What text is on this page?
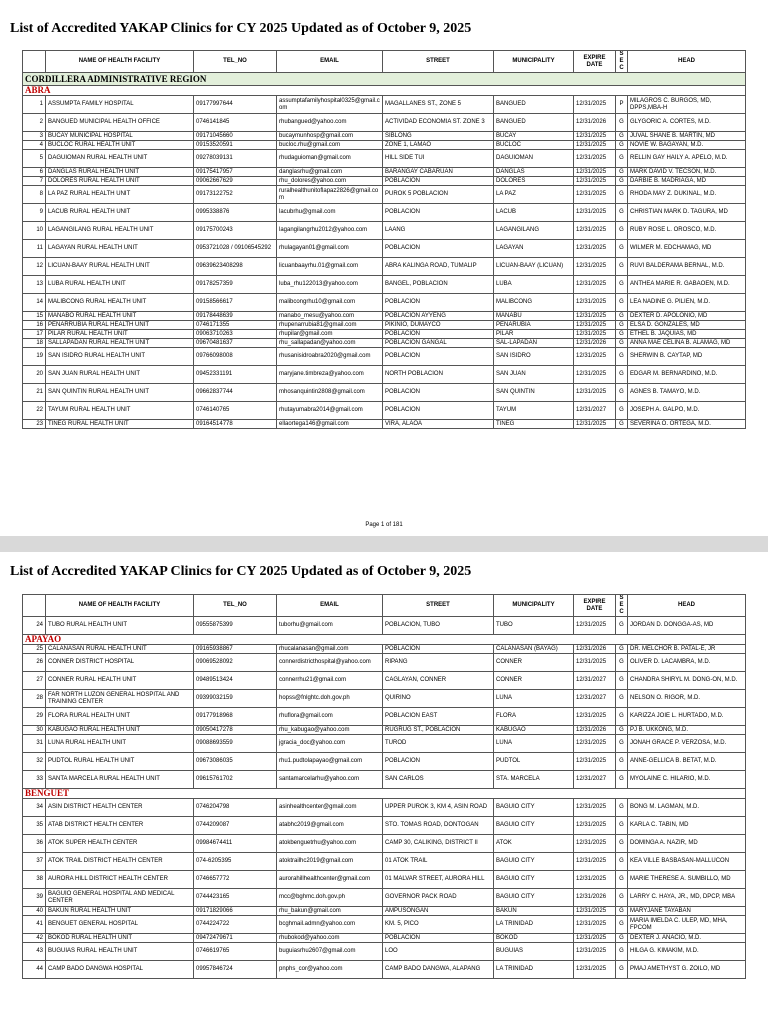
List of Accredited YAKAP Clinics for CY 2025 Updated as of October 9, 2025
	NAME OF HEALTH FACILITY	TEL_NO	EMAIL	STREET	MUNICIPALITY	EXPIRE DATE	SEC	HEAD
CORDILLERA ADMINISTRATIVE REGION								
ABRA								
1	ASSUMPTA FAMILY HOSPITAL	09177997644	assumptafamilyhospital0325@gmail.com	MAGALLANES ST., ZONE 5	BANGUED	12/31/2025	P	MILAGROS C. BURGOS, MD, DPPS,MBA-H
2	BANGUED MUNICIPAL HEALTH OFFICE	0746141845	rhubangued@yahoo.com	ACTIVIDAD ECONOMIA ST. ZONE 3	BANGUED	12/31/2026	G	GLYGORIC A. CORTES, M.D.
3	BUCAY MUNICIPAL HOSPITAL	09171045660	bucaymunhosp@gmail.com	SIBLONG	BUCAY	12/31/2025	G	JUVAL SHANE B. MARTIN, MD
4	BUCLOC RURAL HEALTH UNIT	09153520591	bucloc.rhu@gmail.com	ZONE 1, LAMAO	BUCLOC	12/31/2025	G	NOVIE W. BAGAYAN, M.D.
5	DAGUIOMAN RURAL HEALTH UNIT	09278039131	rhudaguioman@gmail.com	HILL SIDE TUI	DAGUIOMAN	12/31/2025	G	RELLIN GAY HAILY A. APELO, M.D.
6	DANGLAS RURAL HEALTH UNIT	09175417957	danglasrhu@gmail.com	BARANGAY CABARUAN	DANGLAS	12/31/2025	G	MARK DAVID V. TECSON, M.D.
7	DOLORES RURAL HEALTH UNIT	09062667629	rhu_dolores@yahoo.com	POBLACION	DOLORES	12/31/2025	G	DARBIE B. MADRIAGA, MD
8	LA PAZ RURAL HEALTH UNIT	09173122752	ruralhealthunitoflapaz2826@gmail.com	PUROK 5 POBLACION	LA PAZ	12/31/2025	G	RHODA MAY Z. DUKINAL, M.D.
9	LACUB RURAL HEALTH UNIT	0995338876	lacubrhu@gmail.com	POBLACION	LACUB	12/31/2025	G	CHRISTIAN MARK D. TAGURA, MD
10	LAGANGILANG RURAL HEALTH UNIT	09175700243	lagangilangrhu2012@yahoo.com	LAANG	LAGANGILANG	12/31/2025	G	RUBY ROSE L. OROSCO, M.D.
11	LAGAYAN RURAL HEALTH UNIT	0953721028 / 09106545292	rhulagayan01@gmail.com	POBLACION	LAGAYAN	12/31/2025	G	WILMER M. EDCHAMAG, MD
12	LICUAN-BAAY RURAL HEALTH UNIT	09639623408298	licuanbaayrhu.01@gmail.com	ABRA KALINGA ROAD, TUMALIP	LICUAN-BAAY (LICUAN)	12/31/2025	G	RUVI BALDERAMA BERNAL, M.D.
13	LUBA RURAL HEALTH UNIT	09178257359	luba_rhu122013@yahoo.com	BANGEL, POBLACION	LUBA	12/31/2025	G	ANTHEA MARIE R. GABAOEN, M.D.
14	MALIBCONG RURAL HEALTH UNIT	09158566617	malibcongrhu10@gmail.com	POBLACION	MALIBCONG	12/31/2025	G	LEA NADINE G. PILIEN, M.D.
15	MANABO RURAL HEALTH UNIT	09178448639	manabo_mesu@yahoo.com	POBLACION AYYENG	MANABU	12/31/2025	G	DEXTER D. APOLONIO, MD
16	PEÑARRUBIA RURAL HEALTH UNIT	0746171355	rhupenarrubia81@gmail.com	PIKINIO, DUMAYCO	PENARUBIA	12/31/2025	G	ELSA D. GONZALES, MD
17	PILAR RURAL HEALTH UNIT	09063710263	rhupilar@gmail.com	POBLACION	PILAR	12/31/2025	G	ETHEL B. JAQUIAS, MD
18	SALLAPADAN RURAL HEALTH UNIT	09670481637	rhu_sallapadan@yahoo.com	POBLACION GANGAL	SAL-LAPADAN	12/31/2026	G	ANNA MAE CELINA B. ALAMAG, MD
19	SAN ISIDRO RURAL HEALTH UNIT	09766098008	rhusanisidroabra2020@gmail.com	POBLACION	SAN ISIDRO	12/31/2025	G	SHERWIN B. CAYTAP, MD
20	SAN JUAN RURAL HEALTH UNIT	09452331191	maryjane.timbreza@yahoo.com	NORTH POBLACION	SAN JUAN	12/31/2025	G	EDGAR M. BERNARDINO, M.D.
21	SAN QUINTIN RURAL HEALTH UNIT	09662837744	mhosanquintin2808@gmail.com	POBLACION	SAN QUINTIN	12/31/2025	G	AGNES B. TAMAYO, M.D.
22	TAYUM RURAL HEALTH UNIT	0746140765	rhutayumabra2014@gmail.com	POBLACION	TAYUM	12/31/2027	G	JOSEPH A. GALPO, M.D.
23	TINEG RURAL HEALTH UNIT	09164514778	ellaortega146@gmail.com	VIRA, ALAOA	TINEG	12/31/2025	G	SEVERINA O. ORTEGA, M.D.
Page 1 of 181
List of Accredited YAKAP Clinics for CY 2025 Updated as of October 9, 2025
	NAME OF HEALTH FACILITY	TEL_NO	EMAIL	STREET	MUNICIPALITY	EXPIRE DATE	SEC	HEAD
24	TUBO RURAL HEALTH UNIT	09555875399	tuborhu@gmail.com	POBLACION, TUBO	TUBO	12/31/2025	G	JORDAN D. DONGGA-AS, MD
APAYAO								
25	CALANASAN RURAL HEALTH UNIT	09165938867	rhucalanasan@gmail.com	POBLACION	CALANASAN (BAYAG)	12/31/2026	G	DR. MELCHOR B. PATAL-E, JR
26	CONNER DISTRICT HOSPITAL	09069528092	connerdistricthospital@yahoo.com	RIPANG	CONNER	12/31/2025	G	OLIVER D. LACAMBRA, M.D.
27	CONNER RURAL HEALTH UNIT	09489513424	connerrhu21@gmail.com	CAGLAYAN, CONNER	CONNER	12/31/2027	G	CHANDRA SHIRYL M. DONG-ON, M.D.
28	FAR NORTH LUZON GENERAL HOSPITAL AND TRAINING CENTER	09399032159	hopss@fnlghtc.doh.gov.ph	QUIRINO	LUNA	12/31/2027	G	NELSON O. RIGOR, M.D.
29	FLORA RURAL HEALTH UNIT	09177918968	rhuflora@gmail.com	POBLACION EAST	FLORA	12/31/2025	G	KARIZZA JOIE L. HURTADO, M.D.
30	KABUGAO RURAL HEALTH UNIT	09050417278	rhu_kabugao@yahoo.com	RUGRUG ST., POBLACION	KABUGAO	12/31/2026	G	PJ B. UKKONG, M.D.
31	LUNA RURAL HEALTH UNIT	09088693559	jgracia_doc@yahoo.com	TUROD	LUNA	12/31/2025	G	JONAH GRACE P. VERZOSA, M.D.
32	PUDTOL RURAL HEALTH UNIT	09673086035	rhu1.pudtolapayao@gmail.com	POBLACION	PUDTOL	12/31/2025	G	ANNE-GELLICA B. BETAT, M.D.
33	SANTA MARCELA RURAL HEALTH UNIT	09615761702	santamarcelarhu@yahoo.com	SAN CARLOS	STA. MARCELA	12/31/2027	G	MYOLAINE C. HILARIO, M.D.
BENGUET								
34	ASIN DISTRICT HEALTH CENTER	0746204798	asinhealthcenter@gmail.com	UPPER PUROK 3, KM 4, ASIN ROAD	BAGUIO CITY	12/31/2025	G	BONG M. LAGMAN, M.D.
35	ATAB DISTRICT HEALTH CENTER	0744209087	atabhc2019@gmail.com	STO. TOMAS ROAD, DONTOGAN	BAGUIO CITY	12/31/2025	G	KARLA C. TABIN, MD
36	ATOK SUPER HEALTH CENTER	09984674411	atokbenguetrhu@yahoo.com	CAMP 30, CALIKING, DISTRICT II	ATOK	12/31/2025	G	DOMINGA A. NAZIR, MD
37	ATOK TRAIL DISTRICT HEALTH CENTER	074-6205395	atoktrailhc2019@gmail.com	01 ATOK TRAIL	BAGUIO CITY	12/31/2025	G	KEA VILLE BASBASAN-MALLUCON
38	AURORA HILL DISTRICT HEALTH CENTER	0746657772	aurorahillhealthcenter@gmail.com	01 MALVAR STREET, AURORA HILL	BAGUIO CITY	12/31/2025	G	MARIE THERESE A. SUMBILLO, MD
39	BAGUIO GENERAL HOSPITAL AND MEDICAL CENTER	0744423165	mcc@bghmc.doh.gov.ph	GOVERNOR PACK ROAD	BAGUIO CITY	12/31/2026	G	LARRY C. HAYA, JR., MD, DPCP, MBA
40	BAKUN RURAL HEALTH UNIT	09171829066	rhu_bakun@gmail.com	AMPUSONGAN	BAKUN	12/31/2025	G	MARYJANE TAYABAN
41	BENGUET GENERAL HOSPITAL	0744224722	bcghmail.admn@yahoo.com	KM. 5, PICO	LA TRINIDAD	12/31/2025	G	MARIA IMELDA C. ULEP, MD, MHA, FPCOM
42	BOKOD RURAL HEALTH UNIT	09472479671	rhubokod@yahoo.com	POBLACION	BOKOD	12/31/2025	G	DEXTER J. ANACIO, M.D.
43	BUGUIAS RURAL HEALTH UNIT	0746619765	buguiasrhu2607@gmail.com	LOO	BUGUIAS	12/31/2025	G	HILGA G. KIMAKIM, M.D.
44	CAMP BADO DANGWA HOSPITAL	09957846724	pnphs_cor@yahoo.com	CAMP BADO DANGWA, ALAPANG	LA TRINIDAD	12/31/2025	G	PMAJ AMETHYST G. ZOILO, MD
